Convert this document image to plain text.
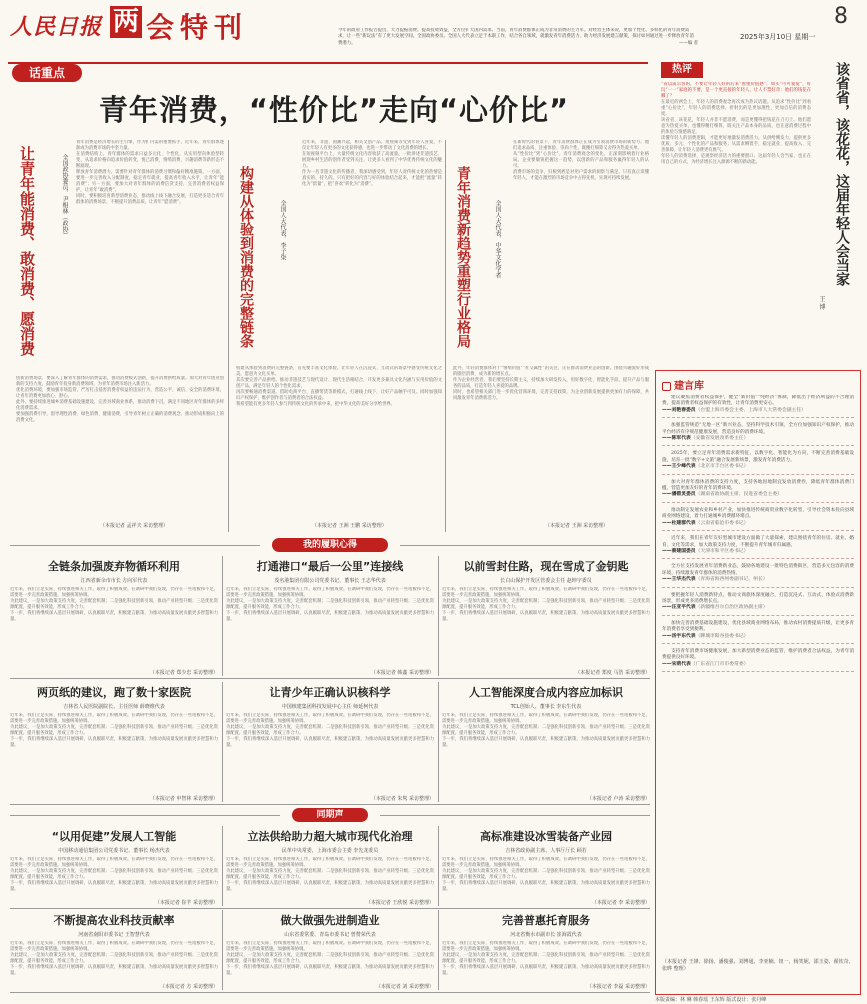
人民日报 两 会特刊	今年的政府工作报告提出，大力提振消费、提高投资效益，全方位扩大国内需求。当前，青年消费群体正成为非常消费的主力军。对经营主体来说，更加个性化、多样化的青年消费需求，让一些“新玩法”有了更大发展空间。全国政协委员、全国人大代表立足于本职工作，结合各自领域，就激发青年消费活力、助力经济发展建言献策，探讨如何通过进一步释放青年消费潜力。	——编 者
8
2025年3月10日 星期一
话重点
青年消费，“性价比”走向“心价比”
让青年能消费、敢消费、愿消费	全国政协委员、尹相林（政协）
青年消费是经济增长的主引擎，作为扩内需的重要抓手，近年来，青年群体逐渐成为消费市场的中坚力量。
在消费结构上，青年群体的需求日益多元化、个性化，从实用型向体验型转变，从追求价格向追求价值转变，悦己消费、情绪消费、兴趣消费等新形态不断涌现。
释放青年消费潜力，需要针对青年群体的消费习惯和偏好精准施策。一方面，要进一步完善收入分配制度，稳定青年就业，提高青年收入水平，让青年“能消费”；另一方面，要加大对青年群体的消费信贷支持，完善消费者权益保护，让青年“敢消费”。
同时，要积极培育新型消费业态，推动线上线下融合发展，打造更多适合青年群体的消费场景，不断提升消费品质，让青年“愿消费”。
创新消费场景，要深入了解青年群体的消费需求，推动消费模式创新，提升消费供给质量。加大对青年创业创新的支持力度，鼓励青年投身新消费领域，为青年消费市场注入新活力。
优化消费环境，要加强市场监管，严厉打击侵害消费者权益的违法行为，营造公平、诚信、安全的消费环境，让青年消费更加放心、舒心。
此外，要持续推进城乡消费基础设施建设，完善县域商业体系，推动消费下沉，满足不同地区青年群体的多样化消费需求。
要加强消费引导，倡导理性消费、绿色消费、健康消费，引导青年树立正确的消费观念，推动形成积极向上的消费文化。
（本报记者 孟祥夫 采访整理）
近年来，非遗、国潮兴起，相关文创产品、短视频等受到年轻人喜爱，不仅让年轻人有更多的文化获得感，也进一步带动了文化消费的增长。
在短视频平台上，大量传统文化内容收获了高流量，一批讲述非遗技艺、展现乡村生活的创作者受到关注，让更多人看到了中华优秀传统文化的魅力。
作为一名非遗文化的传播者，我深切感受到，年轻人对传统文化的热情是真实的、持久的。只有把好的内容与好的体验结合起来，才能把“流量”转化为“留量”，把“喜欢”转化为“消费”。
构建从体验到消费的完整链条	全国人大代表、李子柒
构建从体验到消费的完整链条，首先要丰富文化体验。让年轻人在沉浸式、互动式的场景中感受传统文化之美，愿意为文化买单。
其次要完善产品供给。推动非遗技艺与现代设计、现代生活相结合，开发更多兼具文化内涵与实用价值的文创产品，满足年轻人的个性化需求。
再次要畅通消费渠道。借助电商平台、直播带货等新模式，打通线上线下，让好产品触手可及。同时加强知识产权保护，维护创作者与消费者的合法权益。
我希望能有更多年轻人参与到传统文化的传承中来，把中华文化的美好分享给世界。
（本报记者 王洲 王鹏 采访整理）
在新时代的背景下，青年消费群体正在成为引领消费市场的新势力。他们追求品质、注重体验、崇尚个性，既精打细算又舍得为热爱买单。
从“性价比”到“心价比”，青年消费观念的变化，正深刻影响着行业格局。企业要敏锐把握这一趋势，以创新的产品和服务赢得年轻人的认可。
消费市场的竞争，归根到底是对用户需求的洞察与满足。只有真正读懂年轻人，才能在激烈的市场竞争中占得先机，实现可持续发展。
青年消费新趋势重塑行业格局	全国人大代表、中华文化学者
此外，年轻消费群体对于“情绪价值”“社交属性”的关注，正在推动消费业态的创新。围绕兴趣爱好形成的圈层消费，成为新的增长点。
作为企业经营者，我们要坚持长期主义，持续加大研发投入，用好数字化、智能化手段，提升产品与服务的品质，打造年轻人喜爱的品牌。
同时，也希望相关部门进一步优化营商环境，完善支持政策，为企业创新发展提供更加有力的保障，共同激发青年消费新活力。
（本报记者 王洲 采访整理）
热评	该省省，该花花，这届年轻人会当家
王 博
“省以前宗客的，不要让年轻人好的后来“看重价值感”，如买“可可爱爱”，好玩“一一”家庭的不要，是一个更直接的年轻人，让人不禁好奇：他们的钱花在哪了？
在最近的两会上，年轻人的消费观念再次成为热议话题。从追求“性价比”到看重“心价比”，年轻人的消费选择，折射出的是更加理性、更加自信的消费态度。
该省省、该花花，年轻人并非不愿消费，而是更懂得把钱花在刀刃上。他们愿意为热爱买单，也懂得精打细算，既关注产品本身的品质，也在意消费过程中的体验与情感满足。
读懂年轻人的消费逻辑，才能更好地激发消费活力。从供给侧发力，提供更多优质、多元、个性化的产品和服务；从需求侧着手，稳定就业、提高收入、完善保障，让年轻人消费更有底气。
年轻人的消费选择，是观察经济活力的重要窗口。这届年轻人会当家，也正在用自己的方式，为经济增长注入源源不断的新动能。
建言库
建议聚焦消费者权益保护，健全“新价值”“纯经济”体制，降低出于经济利益的不合理消费，提高消费者权益保护的有效性，让青年消费更安心。
——刘艳春委员（台盟上海市委会主委、上海市人大常委会副主任）
加强监管规范“无地一区”新兴业态，坚持科学技术引领，全方位加强知识产权保护，推动平台经济有序规范健康发展，营造良好的消费环境。
——陈军代表（安徽省发展改革委主任）
2025年，要立足青年消费需求新特征，以数字化、智能化为方向，不断完善消费基础设施，培育一批“数字+文旅”融合发展新场景，激发青年消费活力。
——王少峰代表（北京市丰台区委书记）
加大对青年群体消费的支持力度，支持各地因地制宜发放消费券，降低青年群体消费门槛，营造更加友好的青年消费环境。
——潘碧灵委员（湖南省政协副主席、民进省委会主委）
推动制定发展农业和乡村产业，加快推进传统商贸业数字化转型，引导社会资本投向县域商业网络建设，着力打通城乡消费循环堵点。
——杜建群代表（云南省临沧市委书记）
近年来，我们在青年友好型城市建设方面做了大量探索，建议围绕青年的住房、就业、婚育、文化等需求，加大政策支持力度，不断提升青年城市归属感。
——蔡建国委员（天津市和平区委书记）
全方位支持发展青年消费新业态，鼓励各地建设一批特色消费街区，营造多元包容的消费环境，持续激发青年群体的消费热情。
——王华杰代表（青海省海西州委副书记、州长）
要把握年轻人消费新特点，推动文商旅体深度融合，打造沉浸式、互动式、体验式消费新场景，形成更多消费增长点。
——汪亚平代表（新疆维吾尔自治区政协副主席）
加快完善消费基础设施建设，优化县域商业网络布局，推动农村消费提质升级，让更多青年消费者享受到便利。
——汤宇东代表（聊城市阳谷县委书记）
支持青年消费市场健康发展，加大新型消费业态的监管，维护消费者合法权益，为青年消费提供良好环境。
——宋萌代表（广东省江门市市委常委）
（本报记者 王锋、徐扬、潘俊强、刘博通、李亚楠、钮一、杨笑妮、邵玉姿、翟钦奇、张晔 整理）
我的履职心得
全链条加强废弃物循环利用
江西省新余市市长 方向军代表
近年来，我们立足实际，持续推进相关工作，取得了积极成效。在调研中我们发现，仍存在一些短板和不足，需要进一步完善政策措施，加强统筹协调。
为此建议，一是加大政策支持力度，完善配套机制；二是强化科技创新引领，推动产业转型升级；三是优化资源配置，提升服务效能，形成工作合力。
下一步，我们将继续深入基层开展调研，认真履职尽责，积极建言献策，为推动高质量发展贡献更多智慧和力量。
（本报记者 郑少忠 采访整理）
打通港口“最后一公里”连接线
茂名港集团有限公司党委书记、董事长 王志华代表
近年来，我们立足实际，持续推进相关工作，取得了积极成效。在调研中我们发现，仍存在一些短板和不足，需要进一步完善政策措施，加强统筹协调。
为此建议，一是加大政策支持力度，完善配套机制；二是强化科技创新引领，推动产业转型升级；三是优化资源配置，提升服务效能，形成工作合力。
下一步，我们将继续深入基层开展调研，认真履职尽责，积极建言献策，为推动高质量发展贡献更多智慧和力量。
（本报记者 韩鑫 采访整理）
以前雪封住路，现在雪成了金钥匙
长白山保护开发区管委会主任 赵坤宇委员
近年来，我们立足实际，持续推进相关工作，取得了积极成效。在调研中我们发现，仍存在一些短板和不足，需要进一步完善政策措施，加强统筹协调。
为此建议，一是加大政策支持力度，完善配套机制；二是强化科技创新引领，推动产业转型升级；三是优化资源配置，提升服务效能，形成工作合力。
下一步，我们将继续深入基层开展调研，认真履职尽责，积极建言献策，为推动高质量发展贡献更多智慧和力量。
（本报记者 郑度 马浩 采访整理）
两页纸的建议，跑了数十家医院
吉林省人民医院副院长、主任医师 薛晓维代表
近年来，我们立足实际，持续推进相关工作，取得了积极成效。在调研中我们发现，仍存在一些短板和不足，需要进一步完善政策措施，加强统筹协调。
为此建议，一是加大政策支持力度，完善配套机制；二是强化科技创新引领，推动产业转型升级；三是优化资源配置，提升服务效能，形成工作合力。
下一步，我们将继续深入基层开展调研，认真履职尽责，积极建言献策，为推动高质量发展贡献更多智慧和力量。
（本报记者 申智林 采访整理）
让青少年正确认识核科学
中国核建集团科技发展中心主任 师延柯代表
近年来，我们立足实际，持续推进相关工作，取得了积极成效。在调研中我们发现，仍存在一些短板和不足，需要进一步完善政策措施，加强统筹协调。
为此建议，一是加大政策支持力度，完善配套机制；二是强化科技创新引领，推动产业转型升级；三是优化资源配置，提升服务效能，形成工作合力。
下一步，我们将继续深入基层开展调研，认真履职尽责，积极建言献策，为推动高质量发展贡献更多智慧和力量。
（本报记者 朱隽 采访整理）
人工智能深度合成内容应加标识
TCL创始人、董事长 李东生代表
近年来，我们立足实际，持续推进相关工作，取得了积极成效。在调研中我们发现，仍存在一些短板和不足，需要进一步完善政策措施，加强统筹协调。
为此建议，一是加大政策支持力度，完善配套机制；二是强化科技创新引领，推动产业转型升级；三是优化资源配置，提升服务效能，形成工作合力。
下一步，我们将继续深入基层开展调研，认真履职尽责，积极建言献策，为推动高质量发展贡献更多智慧和力量。
（本报记者 卢涛 采访整理）
同期声
“以用促建”发展人工智能
中国移动通信集团公司党委书记、董事长 杨杰代表
近年来，我们立足实际，持续推进相关工作，取得了积极成效。在调研中我们发现，仍存在一些短板和不足，需要进一步完善政策措施，加强统筹协调。
为此建议，一是加大政策支持力度，完善配套机制；二是强化科技创新引领，推动产业转型升级；三是优化资源配置，提升服务效能，形成工作合力。
下一步，我们将继续深入基层开展调研，认真履职尽责，积极建言献策，为推动高质量发展贡献更多智慧和力量。
（本报记者 崔芊 采访整理）
立法供给助力超大城市现代化治理
民革中央常委、上海市委会主委 李先龙委员
近年来，我们立足实际，持续推进相关工作，取得了积极成效。在调研中我们发现，仍存在一些短板和不足，需要进一步完善政策措施，加强统筹协调。
为此建议，一是加大政策支持力度，完善配套机制；二是强化科技创新引领，推动产业转型升级；三是优化资源配置，提升服务效能，形成工作合力。
下一步，我们将继续深入基层开展调研，认真履职尽责，积极建言献策，为推动高质量发展贡献更多智慧和力量。
（本报记者 王欣悦 采访整理）
高标准建设冰雪装备产业园
吉林省政协副主席、人事厅厅长 顾若
近年来，我们立足实际，持续推进相关工作，取得了积极成效。在调研中我们发现，仍存在一些短板和不足，需要进一步完善政策措施，加强统筹协调。
为此建议，一是加大政策支持力度，完善配套机制；二是强化科技创新引领，推动产业转型升级；三是优化资源配置，提升服务效能，形成工作合力。
下一步，我们将继续深入基层开展调研，认真履职尽责，积极建言献策，为推动高质量发展贡献更多智慧和力量。
（本报记者 李 采访整理）
不断提高农业科技贡献率
河南省南阳市委书记 王智慧代表
近年来，我们立足实际，持续推进相关工作，取得了积极成效。在调研中我们发现，仍存在一些短板和不足，需要进一步完善政策措施，加强统筹协调。
为此建议，一是加大政策支持力度，完善配套机制；二是强化科技创新引领，推动产业转型升级；三是优化资源配置，提升服务效能，形成工作合力。
下一步，我们将继续深入基层开展调研，认真履职尽责，积极建言献策，为推动高质量发展贡献更多智慧和力量。
（本报记者 方 采访整理）
做大做强先进制造业
山东省委常委、青岛市委书记 曾赞荣代表
近年来，我们立足实际，持续推进相关工作，取得了积极成效。在调研中我们发现，仍存在一些短板和不足，需要进一步完善政策措施，加强统筹协调。
为此建议，一是加大政策支持力度，完善配套机制；二是强化科技创新引领，推动产业转型升级；三是优化资源配置，提升服务效能，形成工作合力。
下一步，我们将继续深入基层开展调研，认真履职尽责，积极建言献策，为推动高质量发展贡献更多智慧和力量。
（本报记者 刘 采访整理）
完善普惠托育服务
河北省衡水市副市长 崔海霞代表
近年来，我们立足实际，持续推进相关工作，取得了积极成效。在调研中我们发现，仍存在一些短板和不足，需要进一步完善政策措施，加强统筹协调。
为此建议，一是加大政策支持力度，完善配套机制；二是强化科技创新引领，推动产业转型升级；三是优化资源配置，提升服务效能，形成工作合力。
下一步，我们将继续深入基层开展调研，认真履职尽责，积极建言献策，为推动高质量发展贡献更多智慧和力量。
（本报记者 李磊 采访整理）
本版责编：林 琳 韩春瑶 王东辉 版式设计：张丹峰
